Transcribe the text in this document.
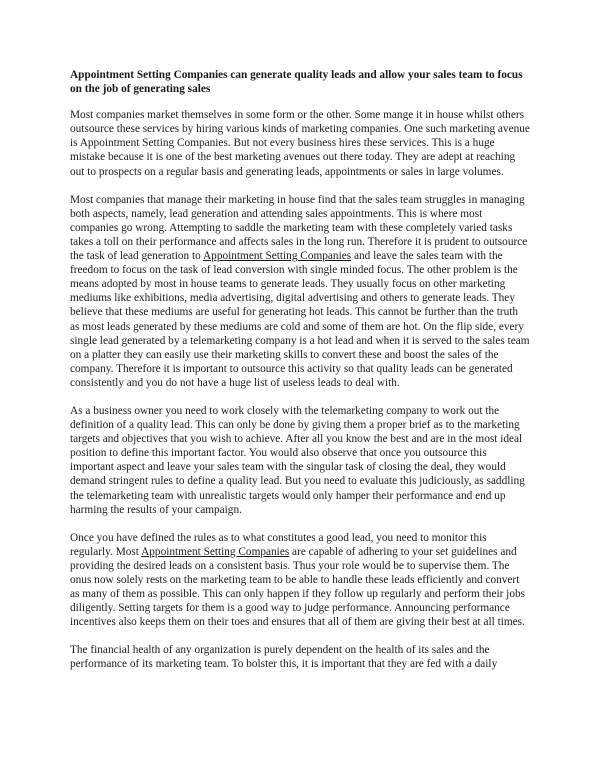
Appointment Setting Companies can generate quality leads and allow your sales team to focus on the job of generating sales

Most companies market themselves in some form or the other. Some mange it in house whilst others outsource these services by hiring various kinds of marketing companies. One such marketing avenue is Appointment Setting Companies. But not every business hires these services. This is a huge mistake because it is one of the best marketing avenues out there today. They are adept at reaching out to prospects on a regular basis and generating leads, appointments or sales in large volumes.

Most companies that manage their marketing in house find that the sales team struggles in managing both aspects, namely, lead generation and attending sales appointments. This is where most companies go wrong. Attempting to saddle the marketing team with these completely varied tasks takes a toll on their performance and affects sales in the long run. Therefore it is prudent to outsource the task of lead generation to Appointment Setting Companies and leave the sales team with the freedom to focus on the task of lead conversion with single minded focus. The other problem is the means adopted by most in house teams to generate leads. They usually focus on other marketing mediums like exhibitions, media advertising, digital advertising and others to generate leads. They believe that these mediums are useful for generating hot leads. This cannot be further than the truth as most leads generated by these mediums are cold and some of them are hot. On the flip side, every single lead generated by a telemarketing company is a hot lead and when it is served to the sales team on a platter they can easily use their marketing skills to convert these and boost the sales of the company. Therefore it is important to outsource this activity so that quality leads can be generated consistently and you do not have a huge list of useless leads to deal with.

As a business owner you need to work closely with the telemarketing company to work out the definition of a quality lead. This can only be done by giving them a proper brief as to the marketing targets and objectives that you wish to achieve. After all you know the best and are in the most ideal position to define this important factor. You would also observe that once you outsource this important aspect and leave your sales team with the singular task of closing the deal, they would demand stringent rules to define a quality lead. But you need to evaluate this judiciously, as saddling the telemarketing team with unrealistic targets would only hamper their performance and end up harming the results of your campaign.

Once you have defined the rules as to what constitutes a good lead, you need to monitor this regularly. Most Appointment Setting Companies are capable of adhering to your set guidelines and providing the desired leads on a consistent basis. Thus your role would be to supervise them. The onus now solely rests on the marketing team to be able to handle these leads efficiently and convert as many of them as possible. This can only happen if they follow up regularly and perform their jobs diligently. Setting targets for them is a good way to judge performance. Announcing performance incentives also keeps them on their toes and ensures that all of them are giving their best at all times.

The financial health of any organization is purely dependent on the health of its sales and the performance of its marketing team. To bolster this, it is important that they are fed with a daily
